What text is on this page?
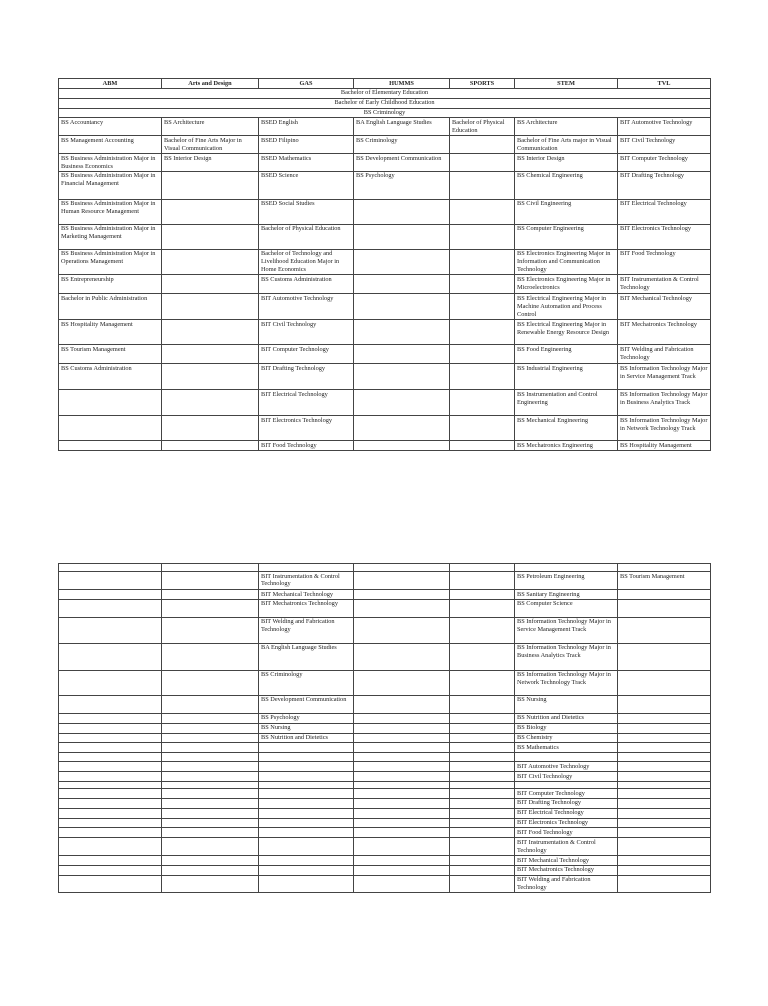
ABM	Arts and Design	GAS	HUMMS	SPORTS	STEM	TVL
Bachelor of Elementary Education						
Bachelor of Early Childhood Education						
BS Criminology						
BS Accountancy	BS Architecture	BSED English	BA English Language Studies	Bachelor of Physical Education	BS Architecture	BIT Automotive Technology
BS Management Accounting	Bachelor of Fine Arts Major in Visual Communication	BSED Filipino	BS Criminology		Bachelor of Fine Arts major in Visual Communication	BIT Civil Technology
BS Business Administration Major in Business Economics	BS Interior Design	BSED Mathematics	BS Development Communication		BS Interior Design	BIT Computer Technology
BS Business Administration Major in Financial Management		BSED Science	BS Psychology		BS Chemical Engineering	BIT Drafting Technology
BS Business Administration Major in Human Resource Management		BSED Social Studies			BS Civil Engineering	BIT Electrical Technology
BS Business Administration Major in Marketing Management		Bachelor of Physical Education			BS Computer Engineering	BIT Electronics Technology
BS Business Administration Major in Operations Management		Bachelor of Technology and Livelihood Education Major in Home Economics			BS Electronics Engineering Major in Information and Communication Technology	BIT Food Technology
BS Entrepreneurship		BS Customs Administration			BS Electronics Engineering Major in Microelectronics	BIT Instrumentation & Control Technology
Bachelor in Public Administration		BIT Automotive Technology			BS Electrical Engineering Major in Machine Automation and Process Control	BIT Mechanical Technology
BS Hospitality Management		BIT Civil Technology			BS Electrical Engineering Major in Renewable Energy Resource Design	BIT Mechatronics Technology
BS Tourism Management		BIT Computer Technology			BS Food Engineering	BIT Welding and Fabrication Technology
BS Customs Administration		BIT Drafting Technology			BS Industrial Engineering	BS Information Technology Major in Service Management Track
		BIT Electrical Technology			BS Instrumentation and Control Engineering	BS Information Technology Major in Business Analytics Track
		BIT Electronics Technology			BS Mechanical Engineering	BS Information Technology Major in Network Technology Track
		BIT Food Technology			BS Mechatronics Engineering	BS Hospitality Management

		BIT Instrumentation & Control Technology			BS Petroleum Engineering	BS Tourism Management
		BIT Mechanical Technology			BS Sanitary Engineering	
		BIT Mechatronics Technology			BS Computer Science	
		BIT Welding and Fabrication Technology			BS Information Technology Major in Service Management Track	
		BA English Language Studies			BS Information Technology Major in Business Analytics Track	
		BS Criminology			BS Information Technology Major in Network Technology Track	
		BS Development Communication			BS Nursing	
		BS Psychology			BS Nutrition and Dietetics	
		BS Nursing			BS Biology	
		BS Nutrition and Dietetics			BS Chemistry	
					BS Mathematics	

					BIT Automotive Technology	
					BIT Civil Technology	

					BIT Computer Technology	
					BIT Drafting Technology	
					BIT Electrical Technology	
					BIT Electronics Technology	
					BIT Food Technology	
					BIT Instrumentation & Control Technology	
					BIT Mechanical Technology	
					BIT Mechatronics Technology	
					BIT Welding and Fabrication Technology	
